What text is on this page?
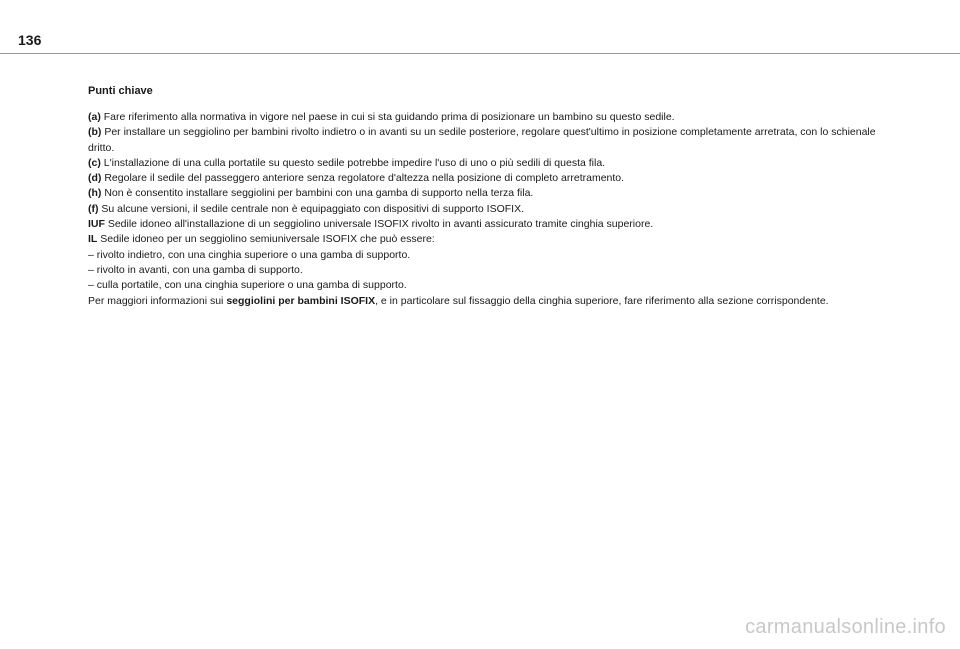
136
Punti chiave

(a) Fare riferimento alla normativa in vigore nel paese in cui si sta guidando prima di posizionare un bambino su questo sedile.

(b) Per installare un seggiolino per bambini rivolto indietro o in avanti su un sedile posteriore, regolare quest'ultimo in posizione completamente arretrata, con lo schienale dritto.

(c) L'installazione di una culla portatile su questo sedile potrebbe impedire l'uso di uno o più sedili di questa fila.

(d) Regolare il sedile del passeggero anteriore senza regolatore d'altezza nella posizione di completo arretramento.

(h) Non è consentito installare seggiolini per bambini con una gamba di supporto nella terza fila.

(f) Su alcune versioni, il sedile centrale non è equipaggiato con dispositivi di supporto ISOFIX.

IUF Sedile idoneo all'installazione di un seggiolino universale ISOFIX rivolto in avanti assicurato tramite cinghia superiore.

IL Sedile idoneo per un seggiolino semiuniversale ISOFIX che può essere:

– rivolto indietro, con una cinghia superiore o una gamba di supporto.

– rivolto in avanti, con una gamba di supporto.

– culla portatile, con una cinghia superiore o una gamba di supporto.

Per maggiori informazioni sui seggiolini per bambini ISOFIX, e in particolare sul fissaggio della cinghia superiore, fare riferimento alla sezione corrispondente.

carmanualsonline.info
